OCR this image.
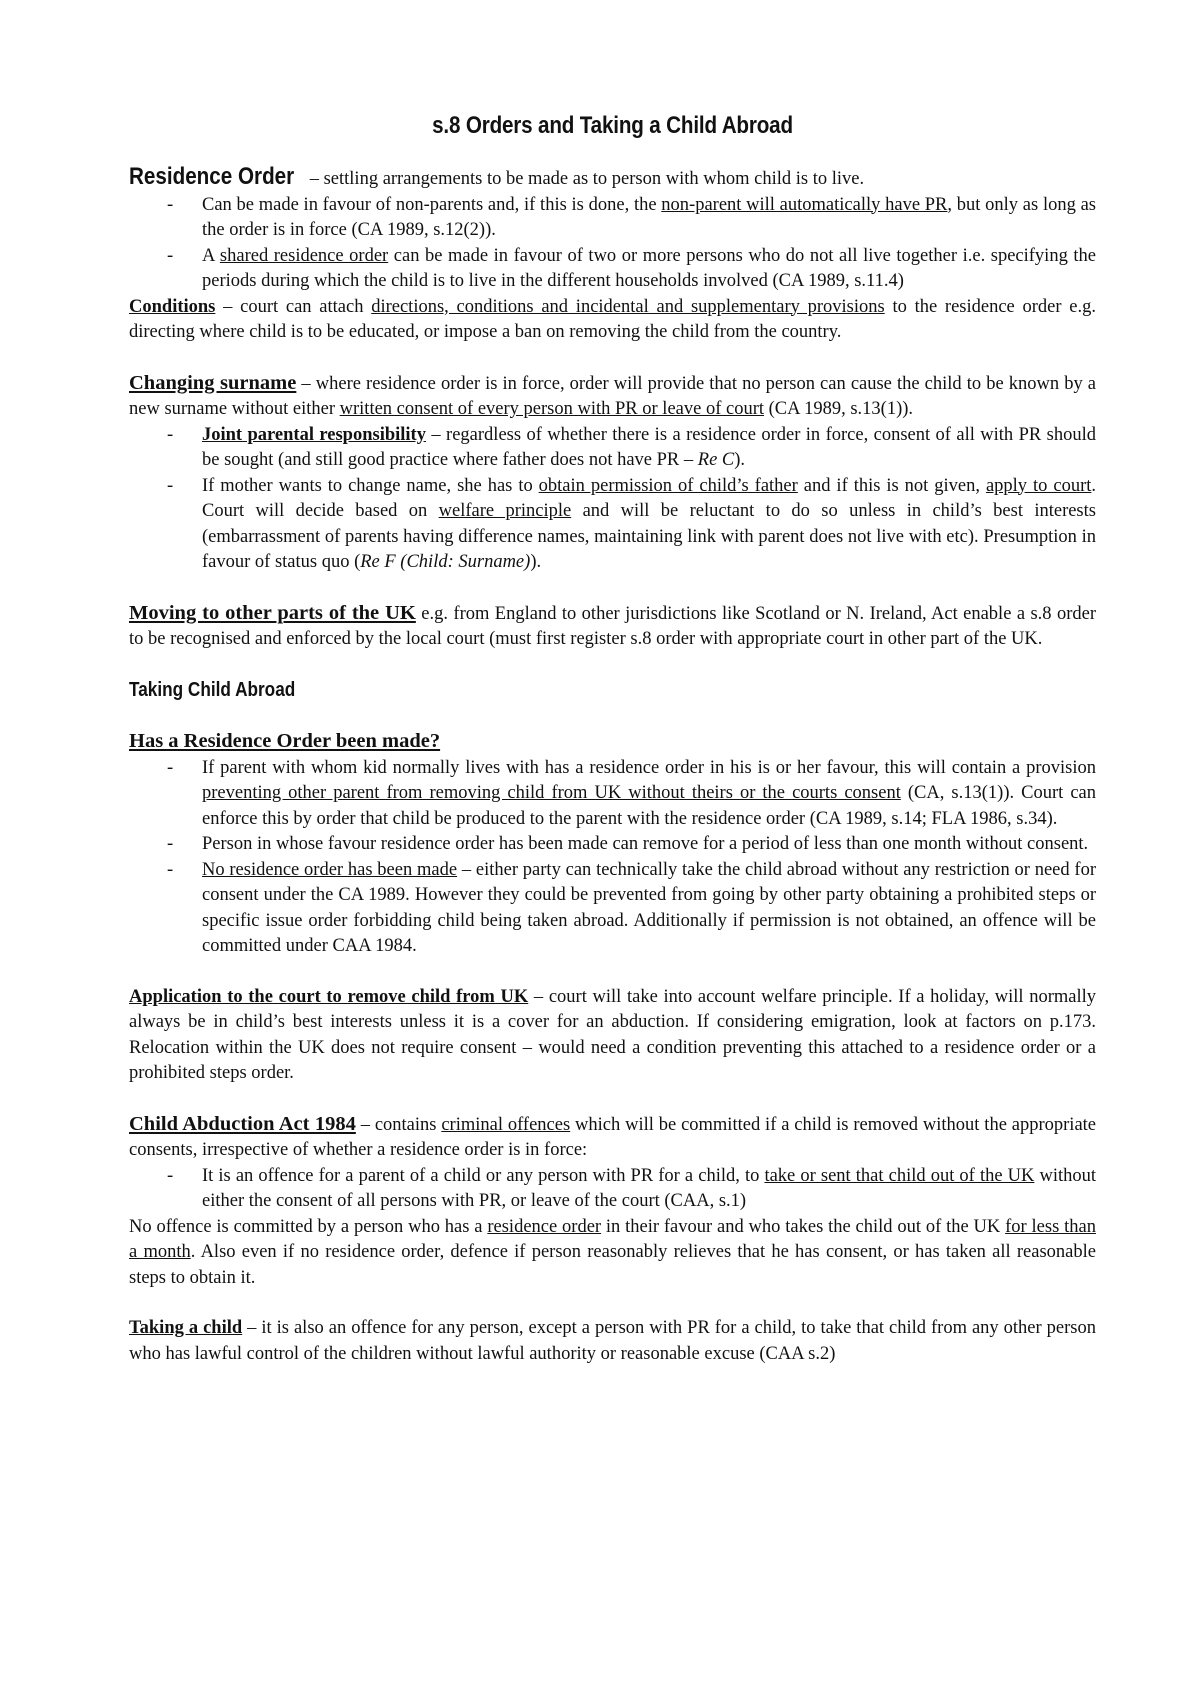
s.8 Orders and Taking a Child Abroad

Residence Order – settling arrangements to be made as to person with whom child is to live.

- Can be made in favour of non-parents and, if this is done, the non-parent will automatically have PR, but only as long as the order is in force (CA 1989, s.12(2)).
- A shared residence order can be made in favour of two or more persons who do not all live together i.e. specifying the periods during which the child is to live in the different households involved (CA 1989, s.11.4)

Conditions – court can attach directions, conditions and incidental and supplementary provisions to the residence order e.g. directing where child is to be educated, or impose a ban on removing the child from the country.

Changing surname – where residence order is in force, order will provide that no person can cause the child to be known by a new surname without either written consent of every person with PR or leave of court (CA 1989, s.13(1)).

- Joint parental responsibility – regardless of whether there is a residence order in force, consent of all with PR should be sought (and still good practice where father does not have PR – Re C).
- If mother wants to change name, she has to obtain permission of child’s father and if this is not given, apply to court. Court will decide based on welfare principle and will be reluctant to do so unless in child’s best interests (embarrassment of parents having difference names, maintaining link with parent does not live with etc). Presumption in favour of status quo (Re F (Child: Surname)).

Moving to other parts of the UK e.g. from England to other jurisdictions like Scotland or N. Ireland, Act enable a s.8 order to be recognised and enforced by the local court (must first register s.8 order with appropriate court in other part of the UK.

Taking Child Abroad

Has a Residence Order been made?

- If parent with whom kid normally lives with has a residence order in his is or her favour, this will contain a provision preventing other parent from removing child from UK without theirs or the courts consent (CA, s.13(1)). Court can enforce this by order that child be produced to the parent with the residence order (CA 1989, s.14; FLA 1986, s.34).
- Person in whose favour residence order has been made can remove for a period of less than one month without consent.
- No residence order has been made – either party can technically take the child abroad without any restriction or need for consent under the CA 1989. However they could be prevented from going by other party obtaining a prohibited steps or specific issue order forbidding child being taken abroad. Additionally if permission is not obtained, an offence will be committed under CAA 1984.

Application to the court to remove child from UK – court will take into account welfare principle. If a holiday, will normally always be in child’s best interests unless it is a cover for an abduction. If considering emigration, look at factors on p.173. Relocation within the UK does not require consent – would need a condition preventing this attached to a residence order or a prohibited steps order.

Child Abduction Act 1984 – contains criminal offences which will be committed if a child is removed without the appropriate consents, irrespective of whether a residence order is in force:

- It is an offence for a parent of a child or any person with PR for a child, to take or sent that child out of the UK without either the consent of all persons with PR, or leave of the court (CAA, s.1)

No offence is committed by a person who has a residence order in their favour and who takes the child out of the UK for less than a month. Also even if no residence order, defence if person reasonably relieves that he has consent, or has taken all reasonable steps to obtain it.

Taking a child – it is also an offence for any person, except a person with PR for a child, to take that child from any other person who has lawful control of the children without lawful authority or reasonable excuse (CAA s.2)
